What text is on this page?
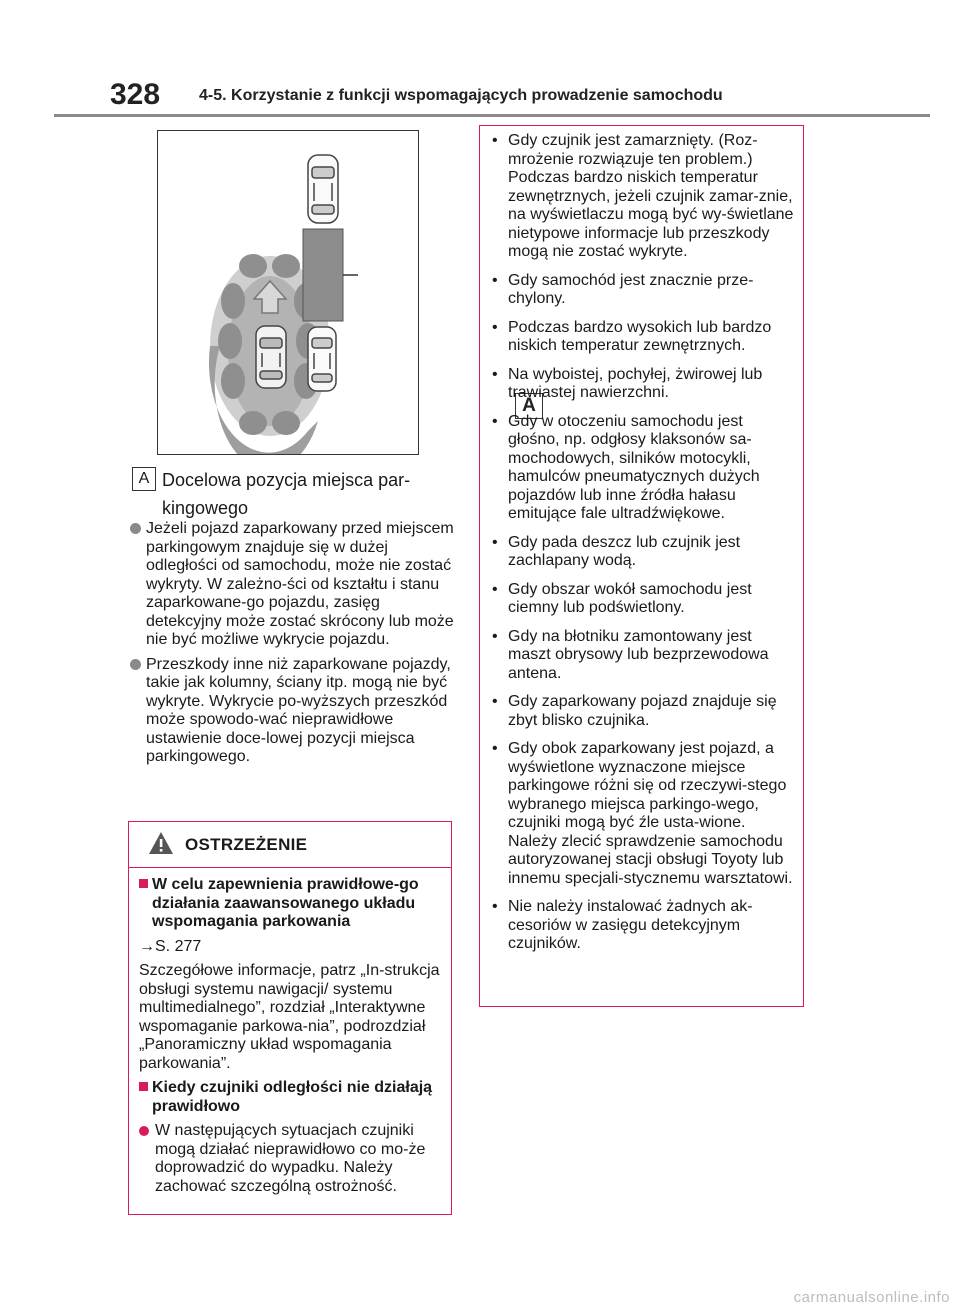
328 4-5. Korzystanie z funkcji wspomagających prowadzenie samochodu
A
A Docelowa pozycja miejsca par-kingowego
Jeżeli pojazd zaparkowany przed miejscem parkingowym znajduje się w dużej odległości od samochodu, może nie zostać wykryty. W zależno-ści od kształtu i stanu zaparkowane-go pojazdu, zasięg detekcyjny może zostać skrócony lub może nie być możliwe wykrycie pojazdu.
Przeszkody inne niż zaparkowane pojazdy, takie jak kolumny, ściany itp. mogą nie być wykryte. Wykrycie po-wyższych przeszkód może spowodo-wać nieprawidłowe ustawienie doce-lowej pozycji miejsca parkingowego.
OSTRZEŻENIE
W celu zapewnienia prawidłowe-go działania zaawansowanego układu wspomagania parkowania
→S. 277
Szczegółowe informacje, patrz „In-strukcja obsługi systemu nawigacji/ systemu multimedialnego”, rozdział „Interaktywne wspomaganie parkowa-nia”, podrozdział „Panoramiczny układ wspomagania parkowania”.
Kiedy czujniki odległości nie działają prawidłowo
W następujących sytuacjach czujniki mogą działać nieprawidłowo co mo-że doprowadzić do wypadku. Należy zachować szczególną ostrożność.
• Gdy czujnik jest zamarznięty. (Roz-mrożenie rozwiązuje ten problem.) Podczas bardzo niskich temperatur zewnętrznych, jeżeli czujnik zamar-znie, na wyświetlaczu mogą być wy-świetlane nietypowe informacje lub przeszkody mogą nie zostać wykryte.
• Gdy samochód jest znacznie prze-chylony.
• Podczas bardzo wysokich lub bardzo niskich temperatur zewnętrznych.
• Na wyboistej, pochyłej, żwirowej lub trawiastej nawierzchni.
• Gdy w otoczeniu samochodu jest głośno, np. odgłosy klaksonów sa-mochodowych, silników motocykli, hamulców pneumatycznych dużych pojazdów lub inne źródła hałasu emitujące fale ultradźwiękowe.
• Gdy pada deszcz lub czujnik jest zachlapany wodą.
• Gdy obszar wokół samochodu jest ciemny lub podświetlony.
• Gdy na błotniku zamontowany jest maszt obrysowy lub bezprzewodowa antena.
• Gdy zaparkowany pojazd znajduje się zbyt blisko czujnika.
• Gdy obok zaparkowany jest pojazd, a wyświetlone wyznaczone miejsce parkingowe różni się od rzeczywi-stego wybranego miejsca parkingo-wego, czujniki mogą być źle usta-wione. Należy zlecić sprawdzenie samochodu autoryzowanej stacji obsługi Toyoty lub innemu specjali-stycznemu warsztatowi.
• Nie należy instalować żadnych ak-cesoriów w zasięgu detekcyjnym czujników.
carmanualsonline.info
